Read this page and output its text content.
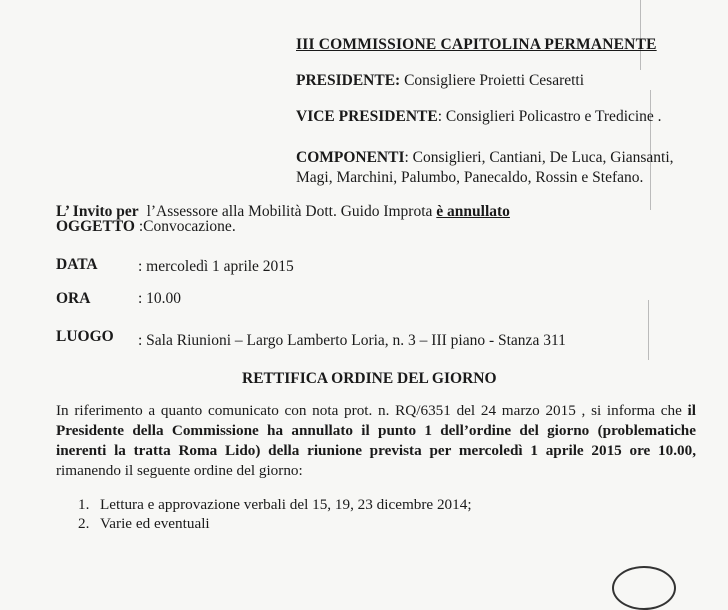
III COMMISSIONE CAPITOLINA PERMANENTE
PRESIDENTE: Consigliere Proietti Cesaretti
VICE PRESIDENTE: Consiglieri Policastro e Tredicine .
COMPONENTI: Consiglieri, Cantiani, De Luca, Giansanti,
Magi, Marchini, Palumbo, Panecaldo, Rossin e Stefano.
L’ Invito per l’Assessore alla Mobilità Dott. Guido Improta è annullato
OGGETTO :Convocazione.
DATA	: mercoledì 1 aprile 2015
ORA	: 10.00
LUOGO : Sala Riunioni – Largo Lamberto Loria, n. 3 – III piano - Stanza 311
RETTIFICA ORDINE DEL GIORNO
In riferimento a quanto comunicato con nota prot. n. RQ/6351 del 24 marzo 2015 , si informa che il Presidente della Commissione ha annullato il punto 1 dell’ordine del giorno (problematiche inerenti la tratta Roma Lido) della riunione prevista per mercoledì 1 aprile 2015 ore 10.00, rimanendo il seguente ordine del giorno:
1. Lettura e approvazione verbali del 15, 19, 23 dicembre 2014;
2. Varie ed eventuali
